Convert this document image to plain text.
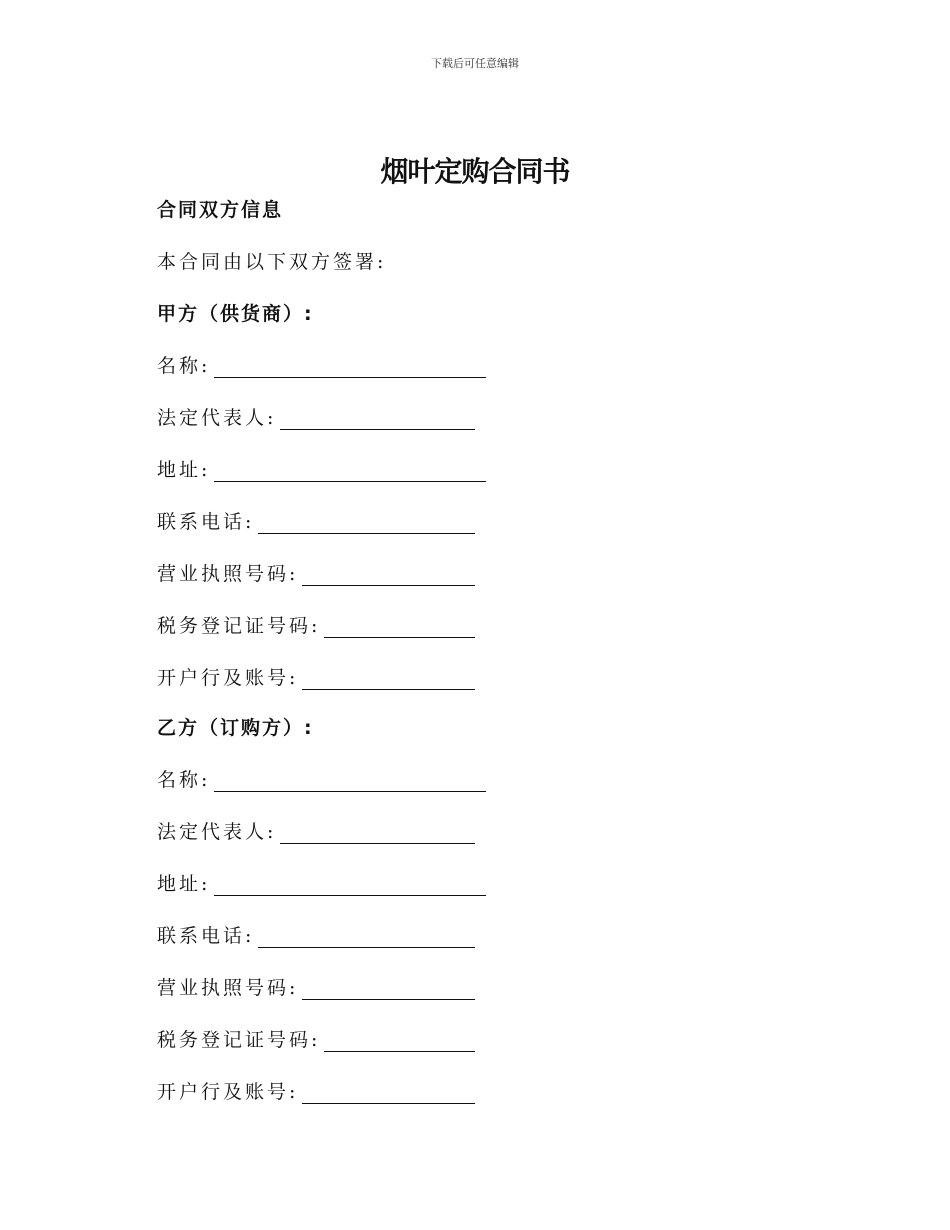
下载后可任意编辑
烟叶定购合同书
合同双方信息
本合同由以下双方签署:
甲方（供货商）:
名称:
法定代表人:
地址:
联系电话:
营业执照号码:
税务登记证号码:
开户行及账号:
乙方（订购方）:
名称:
法定代表人:
地址:
联系电话:
营业执照号码:
税务登记证号码:
开户行及账号:
